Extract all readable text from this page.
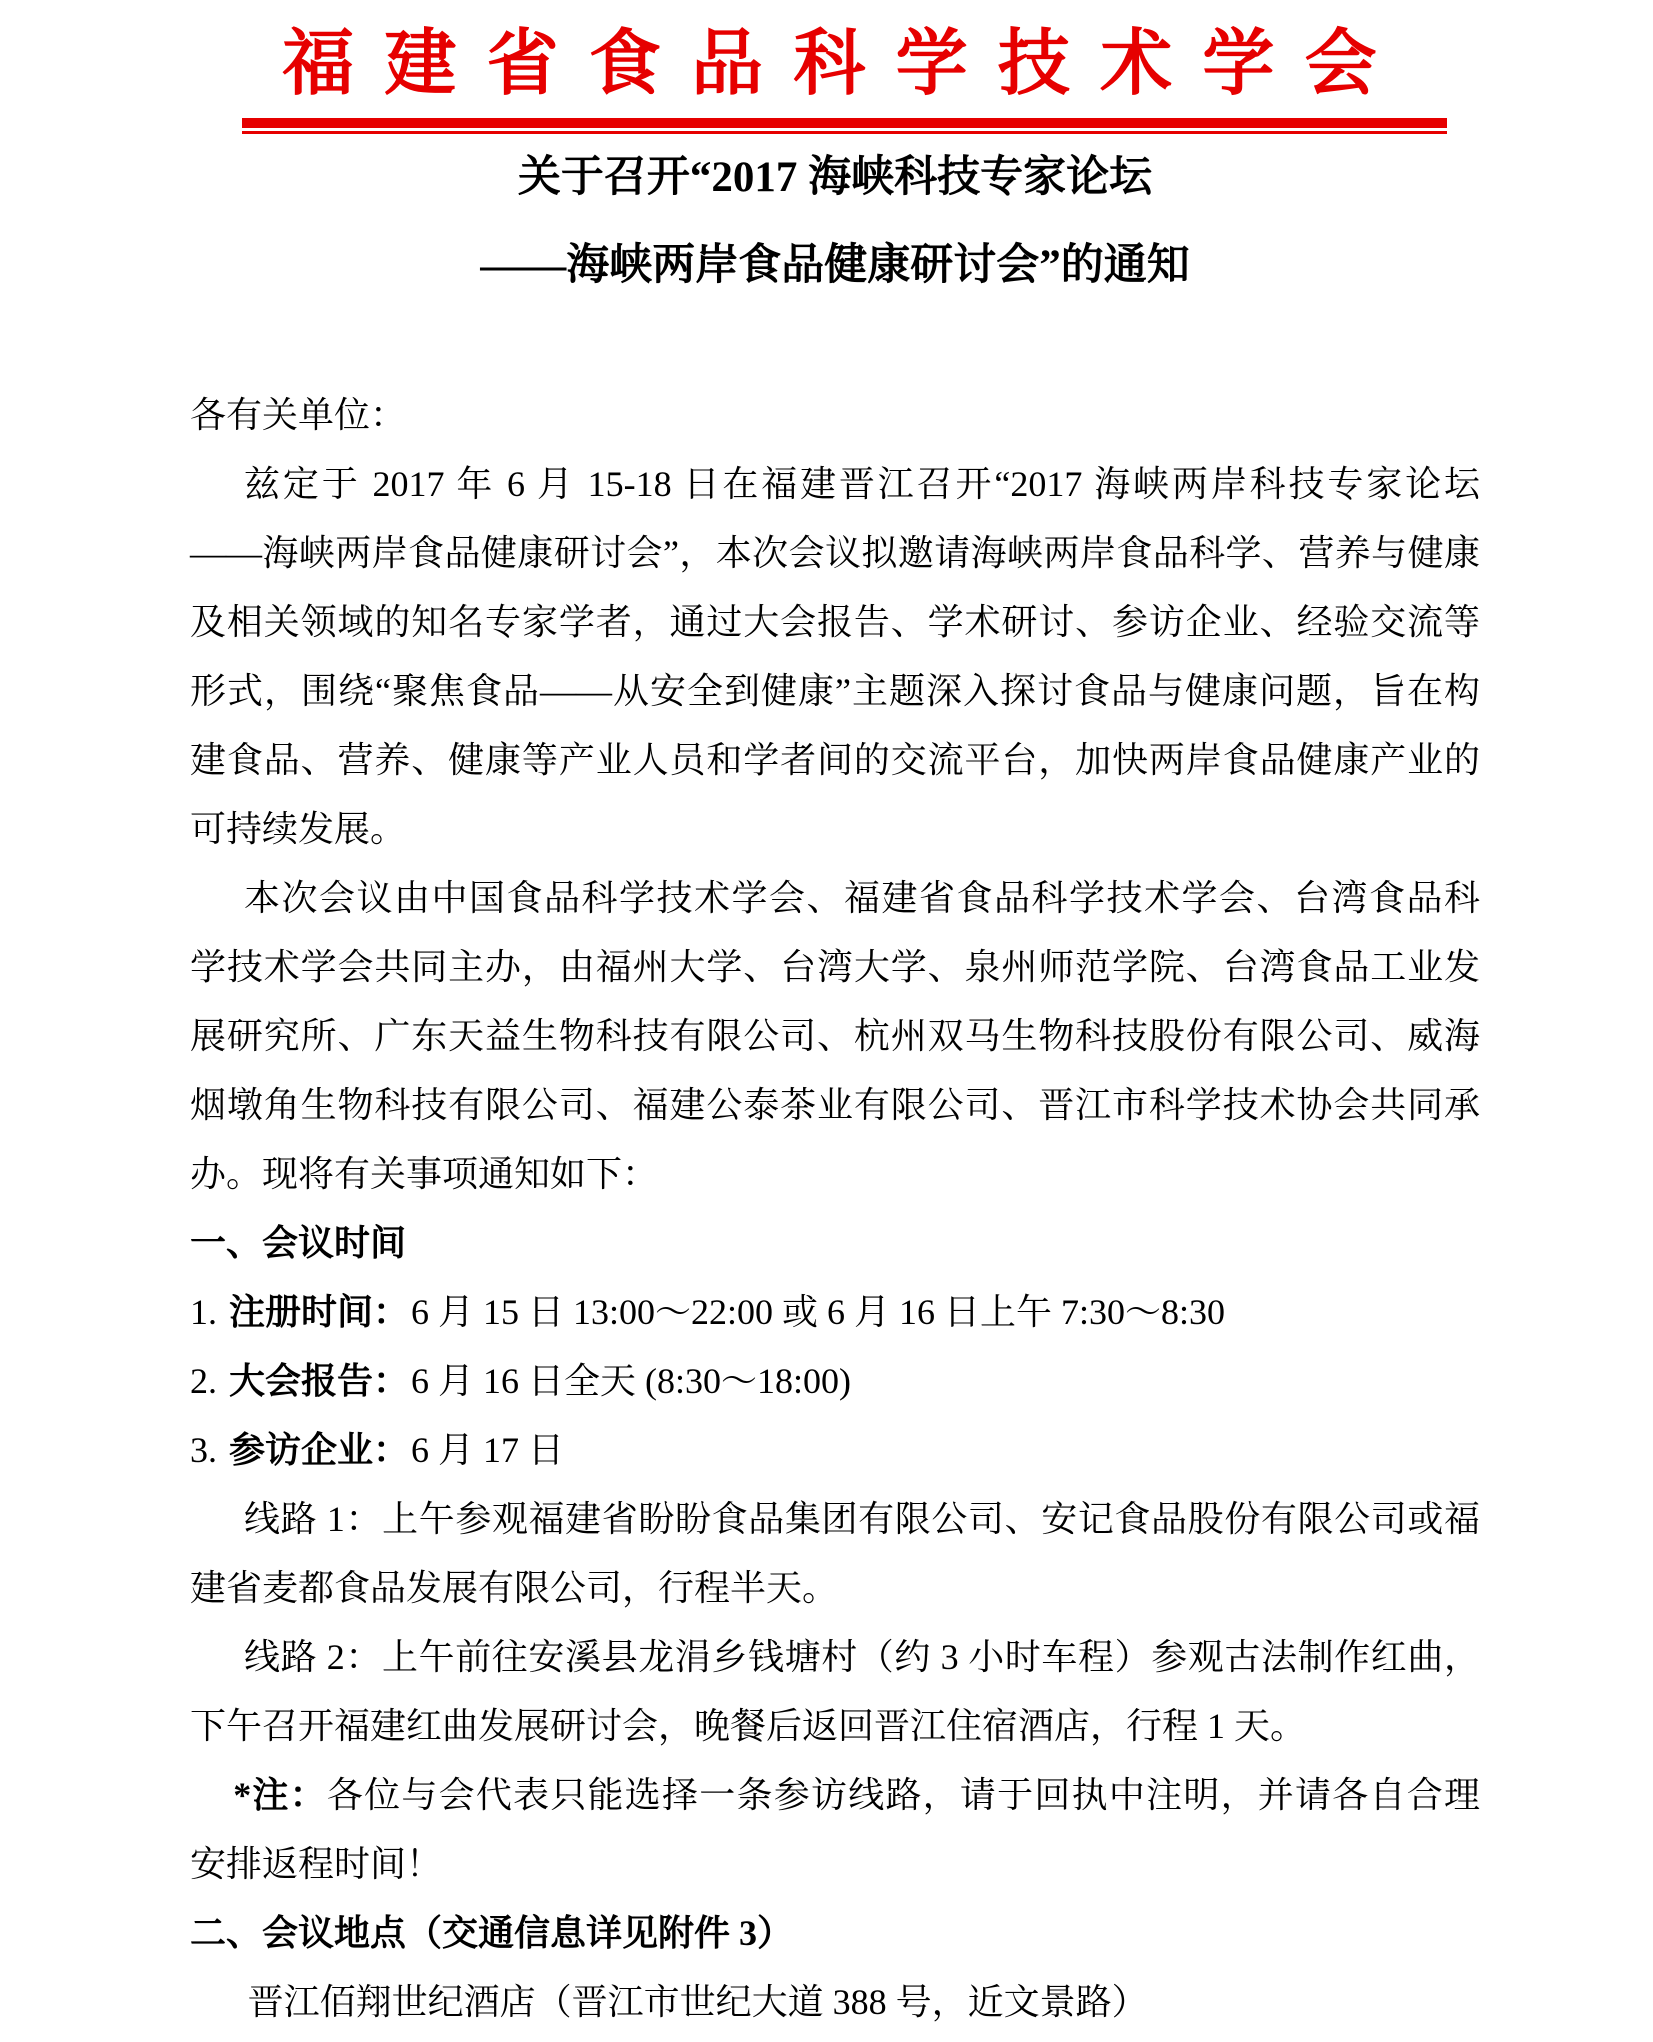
福建省食品科学技术学会
关于召开“2017 海峡科技专家论坛
——海峡两岸食品健康研讨会”的通知
各有关单位：
兹定于 2017 年 6 月 15-18 日在福建晋江召开“2017 海峡两岸科技专家论坛
——海峡两岸食品健康研讨会”，本次会议拟邀请海峡两岸食品科学、营养与健康
及相关领域的知名专家学者，通过大会报告、学术研讨、参访企业、经验交流等
形式，围绕“聚焦食品——从安全到健康”主题深入探讨食品与健康问题，旨在构
建食品、营养、健康等产业人员和学者间的交流平台，加快两岸食品健康产业的
可持续发展。
本次会议由中国食品科学技术学会、福建省食品科学技术学会、台湾食品科
学技术学会共同主办，由福州大学、台湾大学、泉州师范学院、台湾食品工业发
展研究所、广东天益生物科技有限公司、杭州双马生物科技股份有限公司、威海
烟墩角生物科技有限公司、福建公泰茶业有限公司、晋江市科学技术协会共同承
办。现将有关事项通知如下：
一、会议时间
1. 注册时间：6 月 15 日 13:00～22:00 或 6 月 16 日上午 7:30～8:30
2. 大会报告：6 月 16 日全天 (8:30～18:00)
3. 参访企业：6 月 17 日
线路 1：上午参观福建省盼盼食品集团有限公司、安记食品股份有限公司或福
建省麦都食品发展有限公司，行程半天。
线路 2：上午前往安溪县龙涓乡钱塘村（约 3 小时车程）参观古法制作红曲，
下午召开福建红曲发展研讨会，晚餐后返回晋江住宿酒店，行程 1 天。
*注：各位与会代表只能选择一条参访线路，请于回执中注明，并请各自合理
安排返程时间！
二、会议地点（交通信息详见附件 3）
晋江佰翔世纪酒店（晋江市世纪大道 388 号，近文景路）
